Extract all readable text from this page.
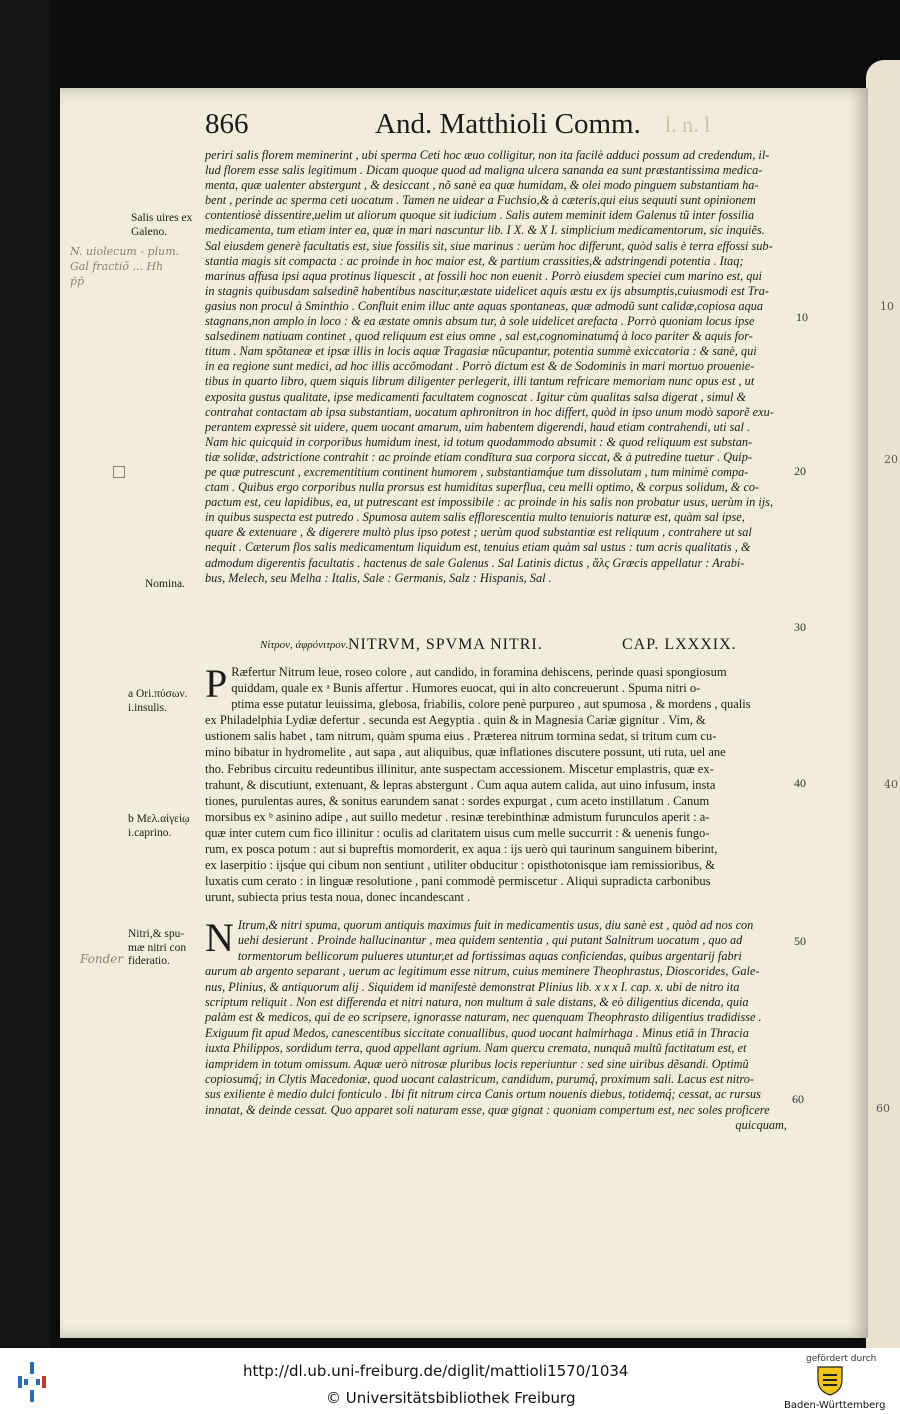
10
20
40
60
866	And. Matthioli Comm. l. n. l

periri salis florem meminerint , ubi sperma Ceti hoc æuo colligitur, non ita facilè adduci possum ad credendum, il-

lud florem esse salis legitimum . Dicam quoque quod ad maligna ulcera sananda ea sunt præstantissima medica-

menta, quæ ualenter abstergunt , & desiccant , nõ sanè ea quæ humidam, & olei modo pinguem substantiam ha-

bent , perinde ac sperma ceti uocatum . Tamen ne uidear a Fuchsio,& à cæteris,qui eius sequuti sunt opinionem

contentiosè dissentire,uelim ut aliorum quoque sit iudicium . Salis autem meminit idem Galenus tũ inter fossilia

medicamenta, tum etiam inter ea, quæ in mari nascuntur lib. I X. & X I. simplicium medicamentorum, sic inquiẽs.

Sal eiusdem generè facultatis est, siue fossilis sit, siue marinus : uerùm hoc differunt, quòd salis è terra effossi sub-

stantia magis sit compacta : ac proinde in hoc maior est, & partium crassities,& adstringendi potentia . Itaq;

marinus affusa ipsi aqua protinus liquescit , at fossili hoc non euenit . Porrò eiusdem speciei cum marino est, qui

in stagnis quibusdam salsedinẽ habentibus nascitur,æstate uidelicet aquis æstu ex ijs absumptis,cuiusmodi est Tra-

gasius non procul à Sminthio . Confluit enim illuc ante aquas spontaneas, quæ admodũ sunt calidæ,copiosa aqua

stagnans,non amplo in loco : & ea æstate omnis absum tur, à sole uidelicet arefacta . Porrò quoniam locus ipse

salsedinem natiuam continet , quod reliquum est eius omne , sal est,cognominatumq́ à loco pariter & aquis for-

titum . Nam spõtaneæ et ipsæ illis in locis aquæ Tragasiæ nũcupantur, potentia summè exiccatoria : & sanè, qui

in ea regione sunt medici, ad hoc illis accõmodant . Porrò dictum est & de Sodominis in mari mortuo prouenie-

tibus in quarto libro, quem siquis librum diligenter perlegerit, illi tantum refricare memoriam nunc opus est , ut

exposita gustus qualitate, ipse medicamenti facultatem cognoscat . Igitur cùm qualitas salsa digerat , simul &

contrahat contactam ab ipsa substantiam, uocatum aphronitron in hoc differt, quòd in ipso unum modò saporẽ exu-

perantem expressè sit uidere, quem uocant amarum, uim habentem digerendi, haud etiam contrahendi, uti sal .

Nam hic quicquid in corporibus humidum inest, id totum quodammodo absumit : & quod reliquum est substan-

tiæ solidæ, adstrictione contrahit : ac proinde etiam condītura sua corpora siccat, & à putredine tuetur . Quip-

pe quæ putrescunt , excrementitium continent humorem , substantiamq́ue tum dissolutam , tum minimè compa-

ctam . Quibus ergo corporibus nulla prorsus est humiditas superflua, ceu melli optimo, & corpus solidum, & co-

pactum est, ceu lapidibus, ea, ut putrescant est impossibile : ac proinde in his salis non probatur usus, uerùm in ijs,

in quibus suspecta est putredo . Spumosa autem salis efflorescentia multo tenuioris naturæ est, quàm sal ipse,

quare & extenuare , & digerere multò plus ipso potest ; uerùm quod substantiæ est reliquum , contrahere ut sal

nequit . Cæterum flos salis medicamentum liquidum est, tenuius etiam quàm sal ustus : tum acris qualitatis , &

admodum digerentis facultatis . hactenus de sale Galenus . Sal Latinis dictus , ἅλς Græcis appellatur : Arabi-

bus, Melech, seu Melha : Italis, Sale : Germanis, Salz : Hispanis, Sal .

Νίτρον, ἀφρόνιτρον. NITRVM, SPVMA NITRI.	CAP. LXXXIX.
P Ræfertur Nitrum leue, roseo colore , aut candido, in foramina dehiscens, perinde quasi spongiosum

quiddam, quale ex ᵃ Bunis affertur . Humores euocat, qui in alto concreuerunt . Spuma nitri o-

ptima esse putatur leuissima, glebosa, friabilis, colore penè purpureo , aut spumosa , & mordens , qualis

ex Philadelphia Lydiæ defertur . secunda est Aegyptia . quin & in Magnesia Cariæ gignitur . Vim, &

ustionem salis habet , tam nitrum, quàm spuma eius . Præterea nitrum tormina sedat, si tritum cum cu-

mino bibatur in hydromelite , aut sapa , aut aliquibus, quæ inflationes discutere possunt, uti ruta, uel ane

tho. Febribus circuitu redeuntibus illinitur, ante suspectam accessionem. Miscetur emplastris, quæ ex-

trahunt, & discutiunt, extenuant, & lepras abstergunt . Cum aqua autem calida, aut uino infusum, insta

tiones, purulentas aures, & sonitus earundem sanat : sordes expurgat , cum aceto instillatum . Canum

morsibus ex ᵇ asinino adipe , aut suillo medetur . resinæ terebinthinæ admistum furunculos aperit : a-

quæ inter cutem cum fico illinitur : oculis ad claritatem uisus cum melle succurrit : & uenenis fungo-

rum, ex posca potum : aut si bupreftis momorderit, ex aqua : ijs uerò qui taurinum sanguinem biberint,

ex laserpitio : ijsq́ue qui cibum non sentiunt , utiliter obducitur : opisthotonisque iam remissioribus, &

luxatis cum cerato : in linguæ resolutione , pani commodè permiscetur . Aliqui supradicta carbonibus

urunt, subiecta prius testa noua, donec incandescant .

N Itrum,& nitri spuma, quorum antiquis maximus fuit in medicamentis usus, diu sanè est , quòd ad nos con

uehi desierunt . Proinde hallucinantur , mea quidem sententia , qui putant Salnitrum uocatum , quo ad

tormentorum bellicorum pulueres utuntur,et ad fortissimas aquas conficiendas, quibus argentarij fabri

aurum ab argento separant , uerum ac legitimum esse nitrum, cuius meminere Theophrastus, Dioscorides, Gale-

nus, Plinius, & antiquorum alij . Siquidem id manifestè demonstrat Plinius lib. x x x I. cap. x. ubi de nitro ita

scriptum reliquit . Non est differenda et nitri natura, non multum à sale distans, & eò diligentius dicenda, quia

palàm est & medicos, qui de eo scripsere, ignorasse naturam, nec quenquam Theophrasto diligentius tradidisse .

Exiguum fit apud Medos, canescentibus siccitate conuallibus, quod uocant halmirhaga . Minus etiã in Thracia

iuxta Philippos, sordidum terra, quod appellant agrium. Nam quercu cremata, nunquã multũ factitatum est, et

iampridem in totum omissum. Aquæ uerò nitrosæ pluribus locis reperiuntur : sed sine uiribus dẽsandi. Optimũ

copiosumq́; in Clytis Macedoniæ, quod uocant calastricum, candidum, purumq́, proximum sali. Lacus est nitro-

sus exiliente è medio dulci fonticulo . Ibi fit nitrum circa Canis ortum nouenis diebus, totidemq́; cessat, ac rursus

innatat, & deinde cessat. Quo apparet soli naturam esse, quæ gignat : quoniam compertum est, nec soles proficere

quicquam,

Salis uires ex Galeno.
Nomina.
a Ori.πύσων. i.insulis.
b Μελ.αἰγείῳ i.caprino.
Nitri,& spu- mæ nitri con fideratio.
N. uiolecum - plum. Gal fractiõ ... Hh p̄p̄
Fonder
10
20
30
40
50
60
http://dl.ub.uni-freiburg.de/diglit/mattioli1570/1034
© Universitätsbibliothek Freiburg
gefördert durch
Baden-Württemberg
